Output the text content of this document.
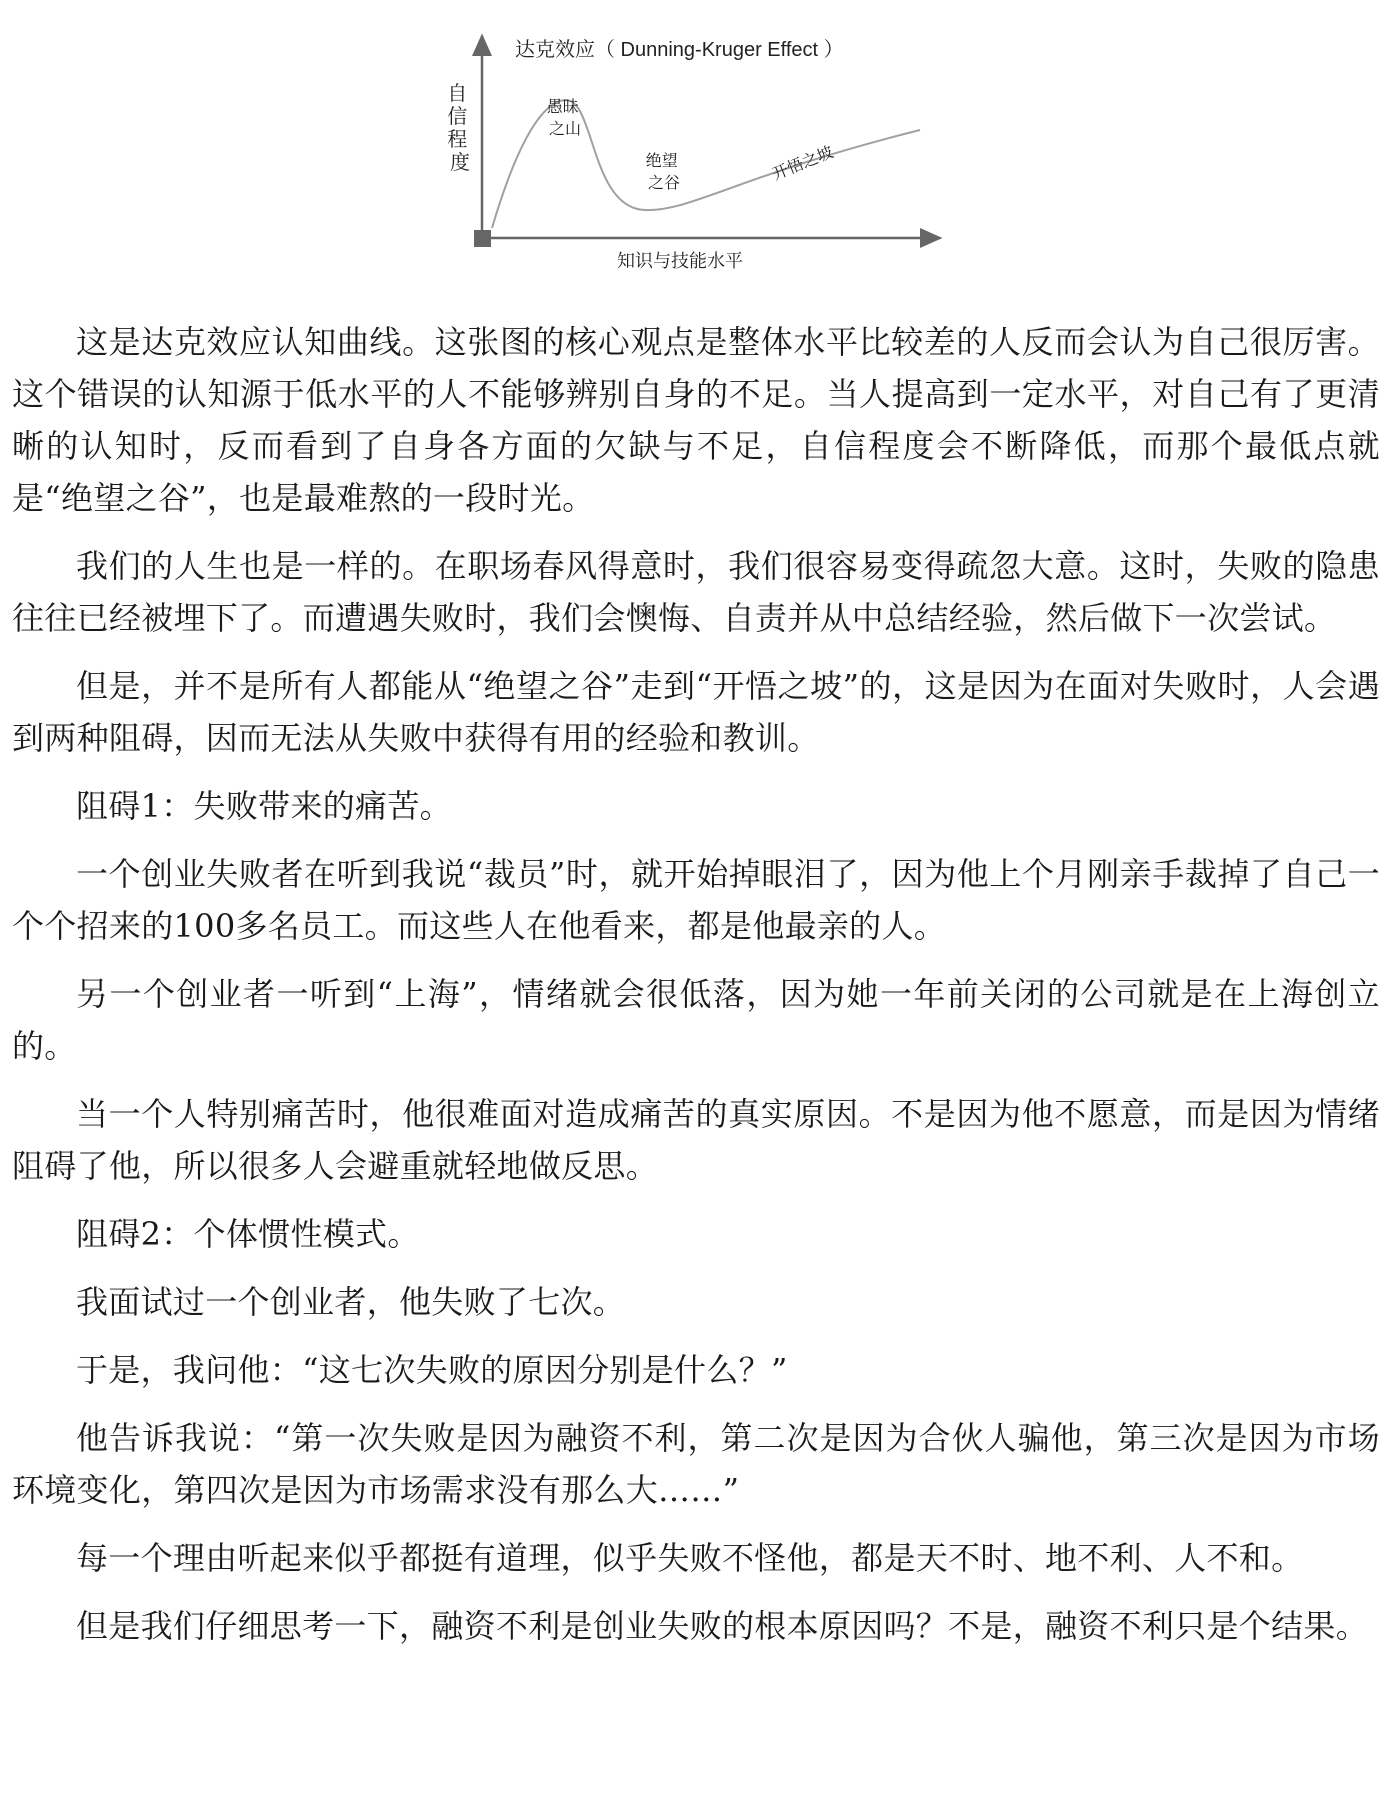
达克效应（ Dunning-Kruger Effect ）
自 信 程 度
知识与技能水平
愚昧 之山
绝望 之谷	开悟之坡

这是达克效应认知曲线。这张图的核心观点是整体水平比较差的人反而会认为自己很厉害。这个错误的认知源于低水平的人不能够辨别自身的不足。当人提高到一定水平，对自己有了更清晰的认知时，反而看到了自身各方面的欠缺与不足，自信程度会不断降低，而那个最低点就是“绝望之谷”，也是最难熬的一段时光。

我们的人生也是一样的。在职场春风得意时，我们很容易变得疏忽大意。这时，失败的隐患往往已经被埋下了。而遭遇失败时，我们会懊悔、自责并从中总结经验，然后做下一次尝试。

但是，并不是所有人都能从“绝望之谷”走到“开悟之坡”的，这是因为在面对失败时，人会遇到两种阻碍，因而无法从失败中获得有用的经验和教训。

阻碍1：失败带来的痛苦。

一个创业失败者在听到我说“裁员”时，就开始掉眼泪了，因为他上个月刚亲手裁掉了自己一个个招来的100多名员工。而这些人在他看来，都是他最亲的人。

另一个创业者一听到“上海”，情绪就会很低落，因为她一年前关闭的公司就是在上海创立的。

当一个人特别痛苦时，他很难面对造成痛苦的真实原因。不是因为他不愿意，而是因为情绪阻碍了他，所以很多人会避重就轻地做反思。

阻碍2：个体惯性模式。

我面试过一个创业者，他失败了七次。

于是，我问他：“这七次失败的原因分别是什么？”

他告诉我说：“第一次失败是因为融资不利，第二次是因为合伙人骗他，第三次是因为市场环境变化，第四次是因为市场需求没有那么大……”

每一个理由听起来似乎都挺有道理，似乎失败不怪他，都是天不时、地不利、人不和。

但是我们仔细思考一下，融资不利是创业失败的根本原因吗？不是，融资不利只是个结果。
